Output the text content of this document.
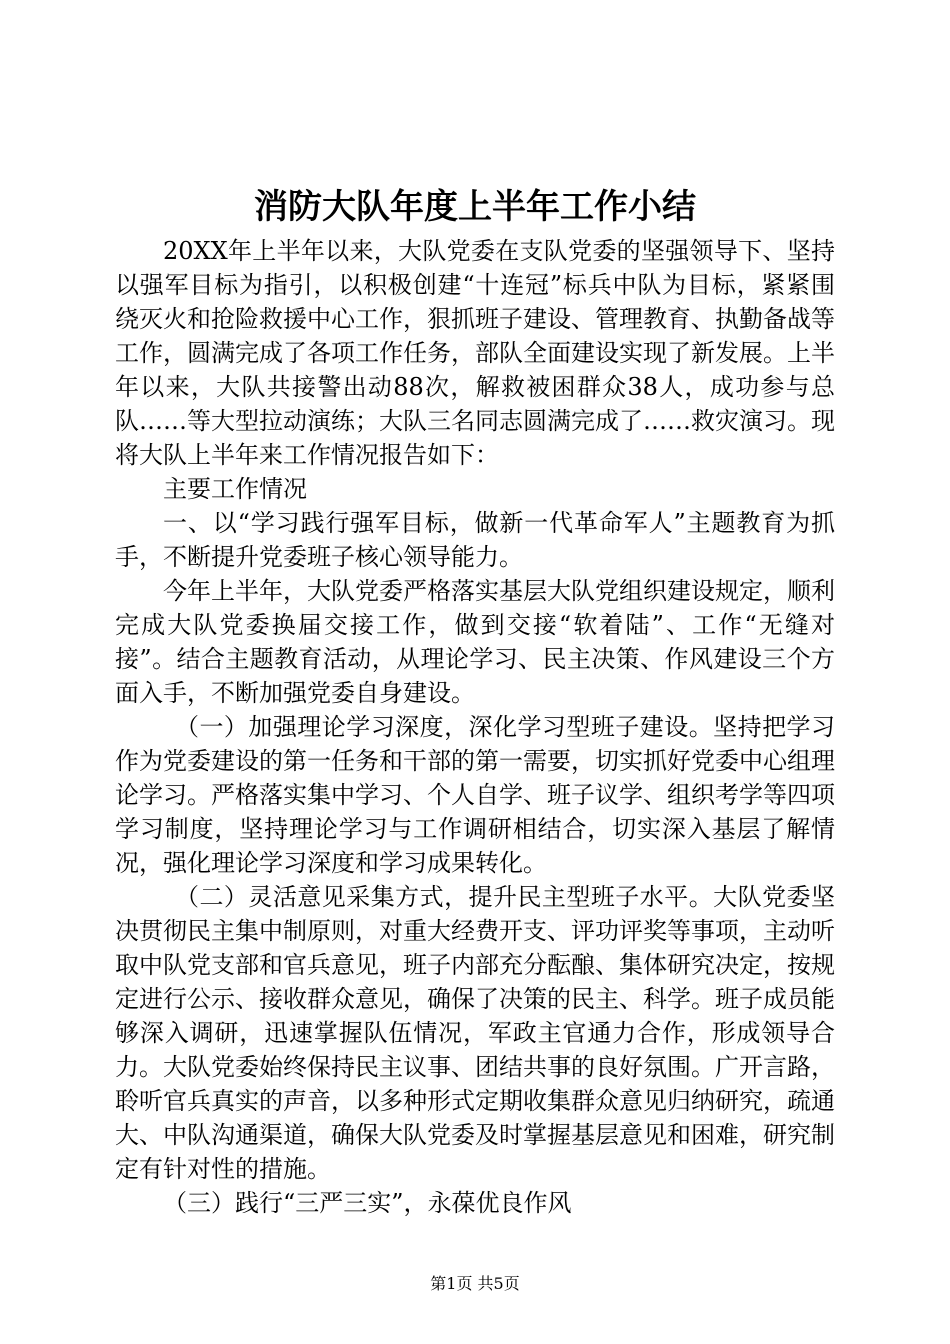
消防大队年度上半年工作小结

20XX年上半年以来，大队党委在支队党委的坚强领导下、坚持以强军目标为指引，以积极创建“十连冠”标兵中队为目标，紧紧围绕灭火和抢险救援中心工作，狠抓班子建设、管理教育、执勤备战等工作，圆满完成了各项工作任务，部队全面建设实现了新发展。上半年以来，大队共接警出动88次，解救被困群众38人，成功参与总队……等大型拉动演练；大队三名同志圆满完成了……救灾演习。现将大队上半年来工作情况报告如下：

主要工作情况

一、以“学习践行强军目标，做新一代革命军人”主题教育为抓手，不断提升党委班子核心领导能力。

今年上半年，大队党委严格落实基层大队党组织建设规定，顺利完成大队党委换届交接工作，做到交接“软着陆”、工作“无缝对接”。结合主题教育活动，从理论学习、民主决策、作风建设三个方面入手，不断加强党委自身建设。

（一）加强理论学习深度，深化学习型班子建设。坚持把学习作为党委建设的第一任务和干部的第一需要，切实抓好党委中心组理论学习。严格落实集中学习、个人自学、班子议学、组织考学等四项学习制度，坚持理论学习与工作调研相结合，切实深入基层了解情况，强化理论学习深度和学习成果转化。

（二）灵活意见采集方式，提升民主型班子水平。大队党委坚决贯彻民主集中制原则，对重大经费开支、评功评奖等事项，主动听取中队党支部和官兵意见，班子内部充分酝酿、集体研究决定，按规定进行公示、接收群众意见，确保了决策的民主、科学。班子成员能够深入调研，迅速掌握队伍情况，军政主官通力合作，形成领导合力。大队党委始终保持民主议事、团结共事的良好氛围。广开言路，聆听官兵真实的声音，以多种形式定期收集群众意见归纳研究，疏通大、中队沟通渠道，确保大队党委及时掌握基层意见和困难，研究制定有针对性的措施。

（三）践行“三严三实”，永葆优良作风

第1页 共5页
